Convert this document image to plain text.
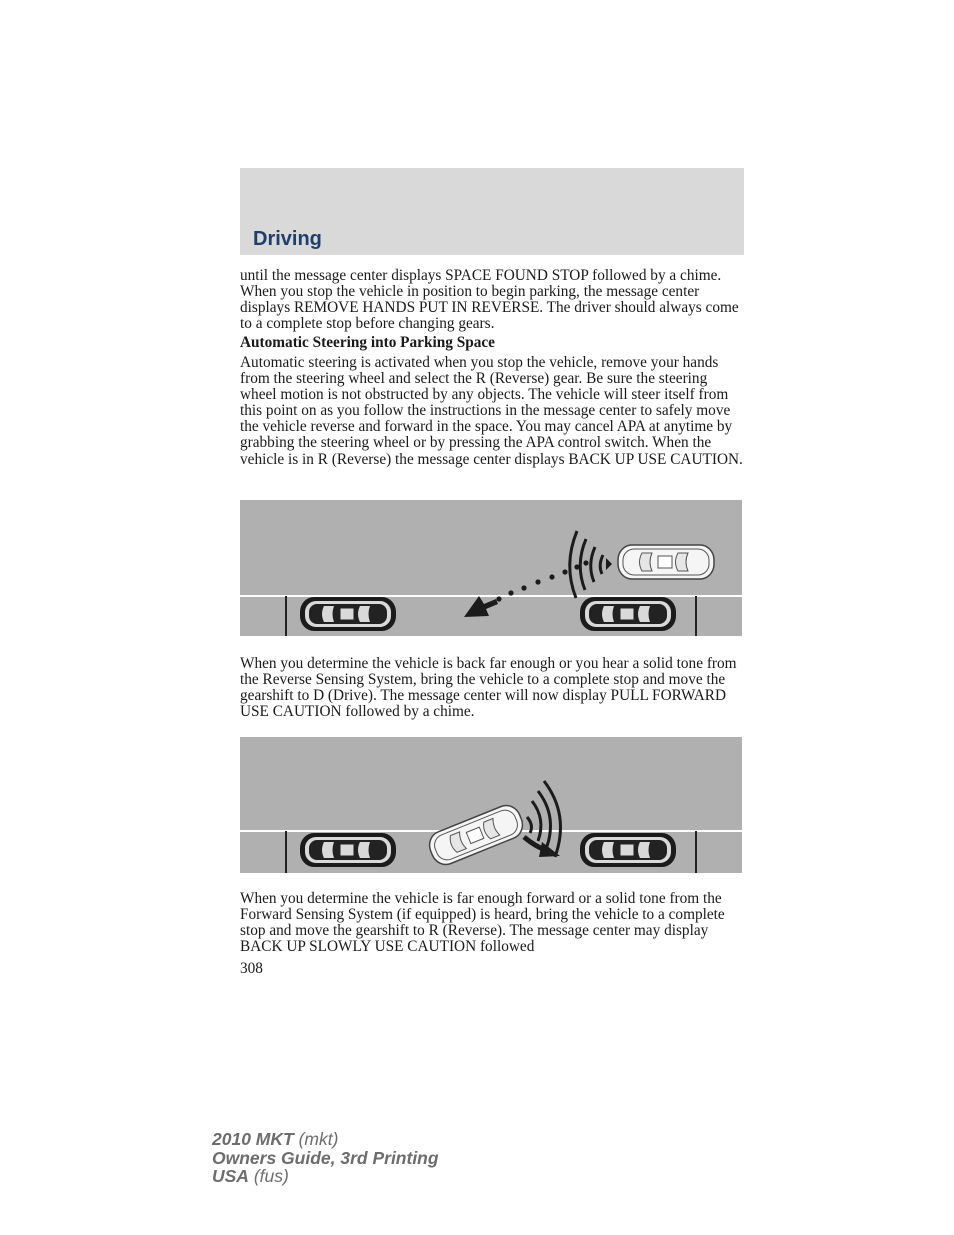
Driving

until the message center displays SPACE FOUND STOP followed by a chime. When you stop the vehicle in position to begin parking, the message center displays REMOVE HANDS PUT IN REVERSE. The driver should always come to a complete stop before changing gears.

Automatic Steering into Parking Space

Automatic steering is activated when you stop the vehicle, remove your hands from the steering wheel and select the R (Reverse) gear. Be sure the steering wheel motion is not obstructed by any objects. The vehicle will steer itself from this point on as you follow the instructions in the message center to safely move the vehicle reverse and forward in the space. You may cancel APA at anytime by grabbing the steering wheel or by pressing the APA control switch. When the vehicle is in R (Reverse) the message center displays BACK UP USE CAUTION.

When you determine the vehicle is back far enough or you hear a solid tone from the Reverse Sensing System, bring the vehicle to a complete stop and move the gearshift to D (Drive). The message center will now display PULL FORWARD USE CAUTION followed by a chime.

When you determine the vehicle is far enough forward or a solid tone from the Forward Sensing System (if equipped) is heard, bring the vehicle to a complete stop and move the gearshift to R (Reverse). The message center may display BACK UP SLOWLY USE CAUTION followed

308
2010 MKT (mkt)
Owners Guide, 3rd Printing
USA (fus)
